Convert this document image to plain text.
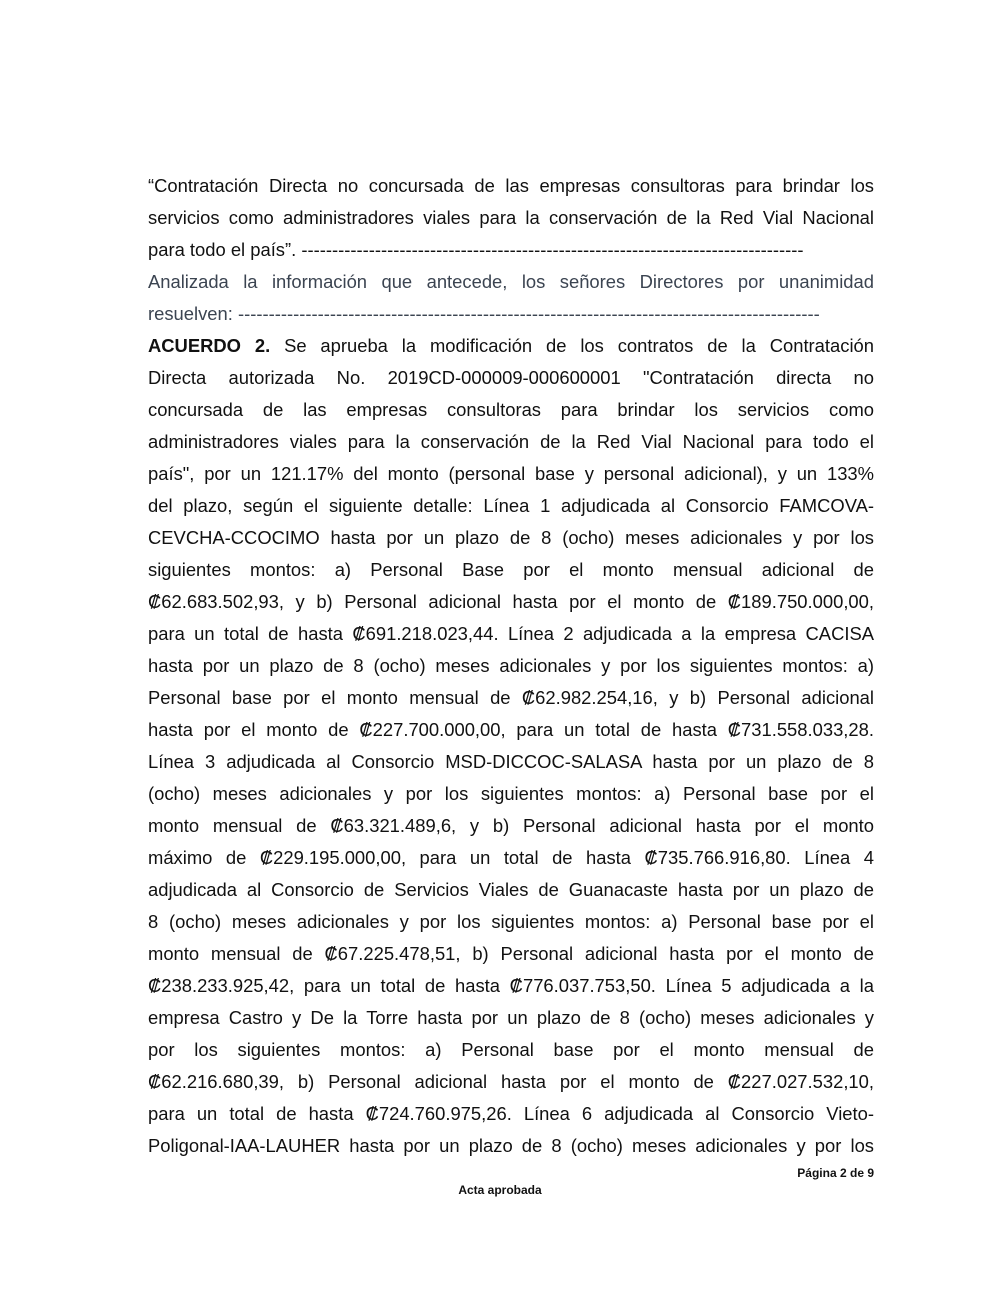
“Contratación Directa no concursada de las empresas consultoras para brindar los
servicios como administradores viales para la conservación de la Red Vial Nacional
para todo el país”. ----------------------------------------------------------------------------------
Analizada la información que antecede, los señores Directores por unanimidad
resuelven: -----------------------------------------------------------------------------------------------
ACUERDO 2. Se aprueba la modificación de los contratos de la Contratación
Directa autorizada No. 2019CD-000009-000600001 "Contratación directa no
concursada de las empresas consultoras para brindar los servicios como
administradores viales para la conservación de la Red Vial Nacional para todo el
país", por un 121.17% del monto (personal base y personal adicional), y un 133%
del plazo, según el siguiente detalle: Línea 1 adjudicada al Consorcio FAMCOVA-
CEVCHA-CCOCIMO hasta por un plazo de 8 (ocho) meses adicionales y por los
siguientes montos: a) Personal Base por el monto mensual adicional de
₡62.683.502,93, y b) Personal adicional hasta por el monto de ₡189.750.000,00,
para un total de hasta ₡691.218.023,44. Línea 2 adjudicada a la empresa CACISA
hasta por un plazo de 8 (ocho) meses adicionales y por los siguientes montos: a)
Personal base por el monto mensual de ₡62.982.254,16, y b) Personal adicional
hasta por el monto de ₡227.700.000,00, para un total de hasta ₡731.558.033,28.
Línea 3 adjudicada al Consorcio MSD-DICCOC-SALASA hasta por un plazo de 8
(ocho) meses adicionales y por los siguientes montos: a) Personal base por el
monto mensual de ₡63.321.489,6, y b) Personal adicional hasta por el monto
máximo de ₡229.195.000,00, para un total de hasta ₡735.766.916,80. Línea 4
adjudicada al Consorcio de Servicios Viales de Guanacaste hasta por un plazo de
8 (ocho) meses adicionales y por los siguientes montos: a) Personal base por el
monto mensual de ₡67.225.478,51, b) Personal adicional hasta por el monto de
₡238.233.925,42, para un total de hasta ₡776.037.753,50. Línea 5 adjudicada a la
empresa Castro y De la Torre hasta por un plazo de 8 (ocho) meses adicionales y
por los siguientes montos: a) Personal base por el monto mensual de
₡62.216.680,39, b) Personal adicional hasta por el monto de ₡227.027.532,10,
para un total de hasta ₡724.760.975,26. Línea 6 adjudicada al Consorcio Vieto-
Poligonal-IAA-LAUHER hasta por un plazo de 8 (ocho) meses adicionales y por los
Página 2 de 9
Acta aprobada
